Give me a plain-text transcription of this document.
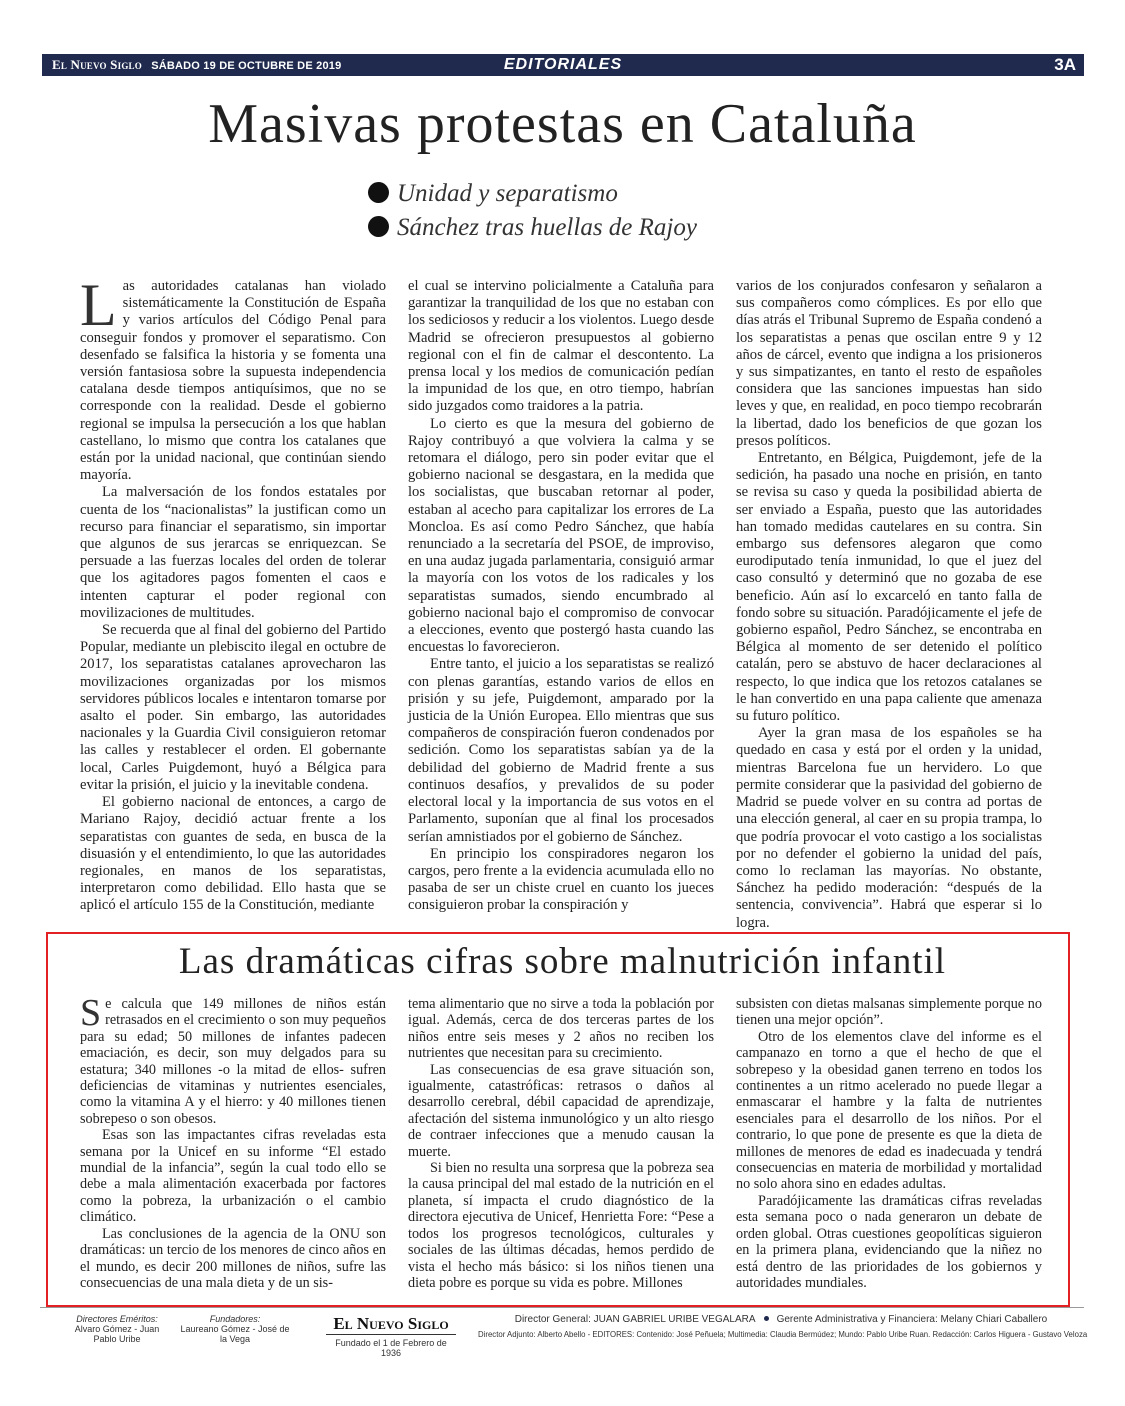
El Nuevo Siglo SÁBADO 19 DE OCTUBRE DE 2019	EDITORIALES	3A
Masivas protestas en Cataluña
Unidad y separatismo
Sánchez tras huellas de Rajoy

Las autoridades catalanas han violado sistemáticamente la Constitución de España y varios artículos del Código Penal para conseguir fondos y promover el separatismo. Con desenfado se falsifica la historia y se fomenta una versión fantasiosa sobre la supuesta independencia catalana desde tiempos antiquísimos, que no se corresponde con la realidad. Desde el gobierno regional se impulsa la persecución a los que hablan castellano, lo mismo que contra los catalanes que están por la unidad nacional, que continúan siendo mayoría.

La malversación de los fondos estatales por cuenta de los “nacionalistas” la justifican como un recurso para financiar el separatismo, sin importar que algunos de sus jerarcas se enriquezcan. Se persuade a las fuerzas locales del orden de tolerar que los agitadores pagos fomenten el caos e intenten capturar el poder regional con movilizaciones de multitudes.

Se recuerda que al final del gobierno del Partido Popular, mediante un plebiscito ilegal en octubre de 2017, los separatistas catalanes aprovecharon las movilizaciones organizadas por los mismos servidores públicos locales e intentaron tomarse por asalto el poder. Sin embargo, las autoridades nacionales y la Guardia Civil consiguieron retomar las calles y restablecer el orden. El gobernante local, Carles Puigdemont, huyó a Bélgica para evitar la prisión, el juicio y la inevitable condena.

El gobierno nacional de entonces, a cargo de Mariano Rajoy, decidió actuar frente a los separatistas con guantes de seda, en busca de la disuasión y el entendimiento, lo que las autoridades regionales, en manos de los separatistas, interpretaron como debilidad. Ello hasta que se aplicó el artículo 155 de la Constitución, mediante

el cual se intervino policialmente a Cataluña para garantizar la tranquilidad de los que no estaban con los sediciosos y reducir a los violentos. Luego desde Madrid se ofrecieron presupuestos al gobierno regional con el fin de calmar el descontento. La prensa local y los medios de comunicación pedían la impunidad de los que, en otro tiempo, habrían sido juzgados como traidores a la patria.

Lo cierto es que la mesura del gobierno de Rajoy contribuyó a que volviera la calma y se retomara el diálogo, pero sin poder evitar que el gobierno nacional se desgastara, en la medida que los socialistas, que buscaban retornar al poder, estaban al acecho para capitalizar los errores de La Moncloa. Es así como Pedro Sánchez, que había renunciado a la secretaría del PSOE, de improviso, en una audaz jugada parlamentaria, consiguió armar la mayoría con los votos de los radicales y los separatistas sumados, siendo encumbrado al gobierno nacional bajo el compromiso de convocar a elecciones, evento que postergó hasta cuando las encuestas lo favorecieron.

Entre tanto, el juicio a los separatistas se realizó con plenas garantías, estando varios de ellos en prisión y su jefe, Puigdemont, amparado por la justicia de la Unión Europea. Ello mientras que sus compañeros de conspiración fueron condenados por sedición. Como los separatistas sabían ya de la debilidad del gobierno de Madrid frente a sus continuos desafíos, y prevalidos de su poder electoral local y la importancia de sus votos en el Parlamento, suponían que al final los procesados serían amnistiados por el gobierno de Sánchez.

En principio los conspiradores negaron los cargos, pero frente a la evidencia acumulada ello no pasaba de ser un chiste cruel en cuanto los jueces consiguieron probar la conspiración y

varios de los conjurados confesaron y señalaron a sus compañeros como cómplices. Es por ello que días atrás el Tribunal Supremo de España condenó a los separatistas a penas que oscilan entre 9 y 12 años de cárcel, evento que indigna a los prisioneros y sus simpatizantes, en tanto el resto de españoles considera que las sanciones impuestas han sido leves y que, en realidad, en poco tiempo recobrarán la libertad, dado los beneficios de que gozan los presos políticos.

Entretanto, en Bélgica, Puigdemont, jefe de la sedición, ha pasado una noche en prisión, en tanto se revisa su caso y queda la posibilidad abierta de ser enviado a España, puesto que las autoridades han tomado medidas cautelares en su contra. Sin embargo sus defensores alegaron que como eurodiputado tenía inmunidad, lo que el juez del caso consultó y determinó que no gozaba de ese beneficio. Aún así lo excarceló en tanto falla de fondo sobre su situación. Paradójicamente el jefe de gobierno español, Pedro Sánchez, se encontraba en Bélgica al momento de ser detenido el político catalán, pero se abstuvo de hacer declaraciones al respecto, lo que indica que los retozos catalanes se le han convertido en una papa caliente que amenaza su futuro político.

Ayer la gran masa de los españoles se ha quedado en casa y está por el orden y la unidad, mientras Barcelona fue un hervidero. Lo que permite considerar que la pasividad del gobierno de Madrid se puede volver en su contra ad portas de una elección general, al caer en su propia trampa, lo que podría provocar el voto castigo a los socialistas por no defender el gobierno la unidad del país, como lo reclaman las mayorías. No obstante, Sánchez ha pedido moderación: “después de la sentencia, convivencia”. Habrá que esperar si lo logra.

Las dramáticas cifras sobre malnutrición infantil

Se calcula que 149 millones de niños están retrasados en el crecimiento o son muy pequeños para su edad; 50 millones de infantes padecen emaciación, es decir, son muy delgados para su estatura; 340 millones -o la mitad de ellos- sufren deficiencias de vitaminas y nutrientes esenciales, como la vitamina A y el hierro: y 40 millones tienen sobrepeso o son obesos.

Esas son las impactantes cifras reveladas esta semana por la Unicef en su informe “El estado mundial de la infancia”, según la cual todo ello se debe a mala alimentación exacerbada por factores como la pobreza, la urbanización o el cambio climático.

Las conclusiones de la agencia de la ONU son dramáticas: un tercio de los menores de cinco años en el mundo, es decir 200 millones de niños, sufre las consecuencias de una mala dieta y de un sis-

tema alimentario que no sirve a toda la población por igual. Además, cerca de dos terceras partes de los niños entre seis meses y 2 años no reciben los nutrientes que necesitan para su crecimiento.

Las consecuencias de esa grave situación son, igualmente, catastróficas: retrasos o daños al desarrollo cerebral, débil capacidad de aprendizaje, afectación del sistema inmunológico y un alto riesgo de contraer infecciones que a menudo causan la muerte.

Si bien no resulta una sorpresa que la pobreza sea la causa principal del mal estado de la nutrición en el planeta, sí impacta el crudo diagnóstico de la directora ejecutiva de Unicef, Henrietta Fore: “Pese a todos los progresos tecnológicos, culturales y sociales de las últimas décadas, hemos perdido de vista el hecho más básico: si los niños tienen una dieta pobre es porque su vida es pobre. Millones

subsisten con dietas malsanas simplemente porque no tienen una mejor opción”.

Otro de los elementos clave del informe es el campanazo en torno a que el hecho de que el sobrepeso y la obesidad ganen terreno en todos los continentes a un ritmo acelerado no puede llegar a enmascarar el hambre y la falta de nutrientes esenciales para el desarrollo de los niños. Por el contrario, lo que pone de presente es que la dieta de millones de menores de edad es inadecuada y tendrá consecuencias en materia de morbilidad y mortalidad no solo ahora sino en edades adultas.

Paradójicamente las dramáticas cifras reveladas esta semana poco o nada generaron un debate de orden global. Otras cuestiones geopolíticas siguieron en la primera plana, evidenciando que la niñez no está dentro de las prioridades de los gobiernos y autoridades mundiales.

Directores Eméritos:
Alvaro Gómez - Juan Pablo Uribe
Fundadores:
Laureano Gómez - José de la Vega
El Nuevo Siglo
Fundado el 1 de Febrero de 1936
Director General: JUAN GABRIEL URIBE VEGALARA Gerente Administrativa y Financiera: Melany Chiari Caballero
Director Adjunto: Alberto Abello - EDITORES: Contenido: José Peñuela; Multimedia: Claudia Bermúdez; Mundo: Pablo Uribe Ruan. Redacción: Carlos Higuera - Gustavo Veloza
